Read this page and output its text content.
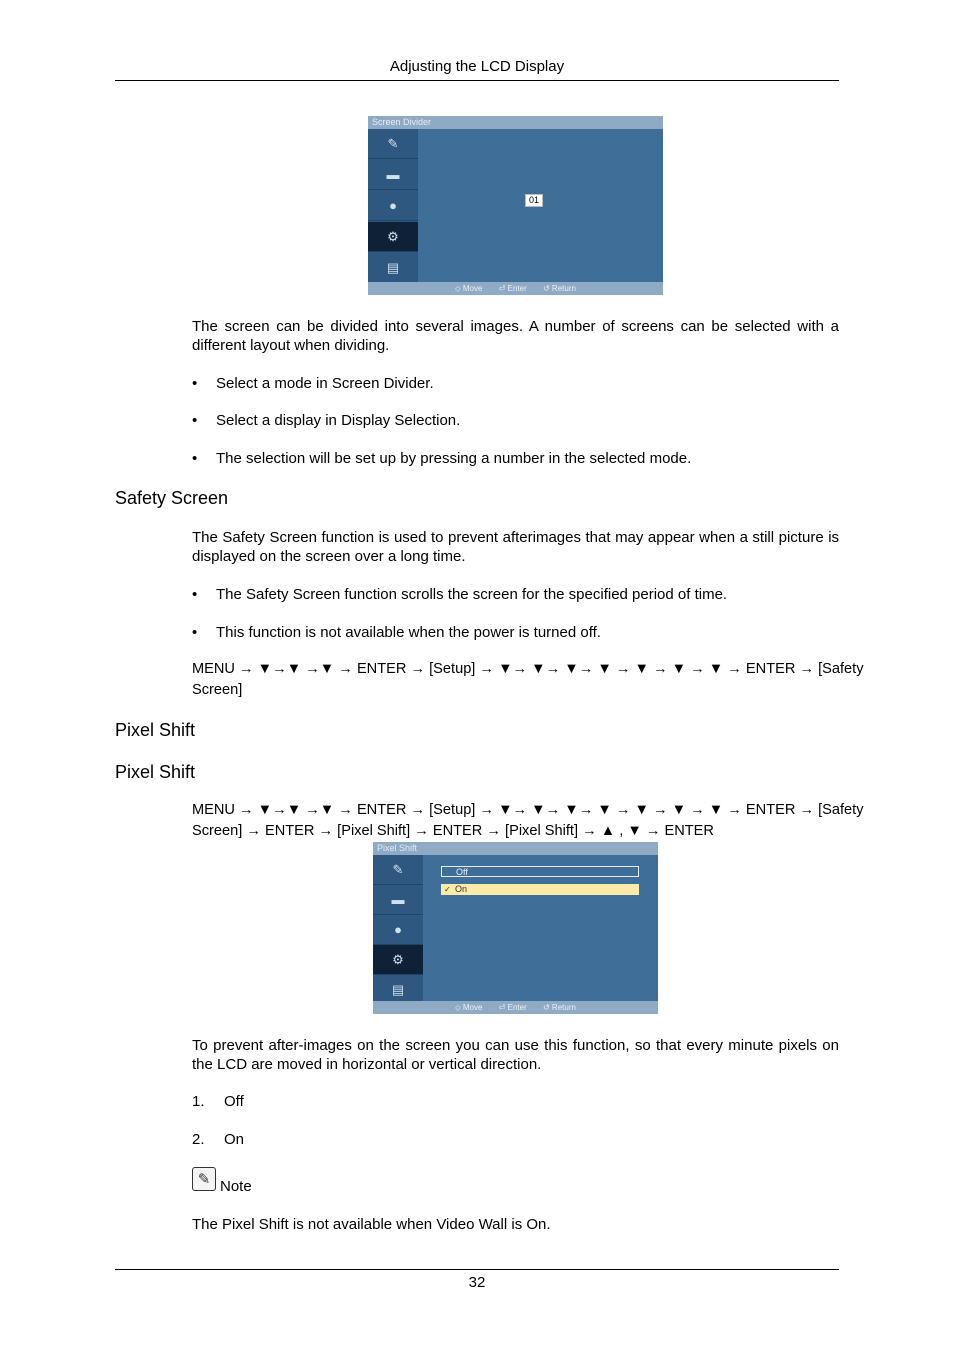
Adjusting the LCD Display
Screen Divider
✎
▬
●
⚙
▤
01
⬦ Move ⏎ Enter ↺ Return
The screen can be divided into several images. A number of screens can be selected with a different layout when dividing.
• Select a mode in Screen Divider.
• Select a display in Display Selection.
• The selection will be set up by pressing a number in the selected mode.
Safety Screen
The Safety Screen function is used to prevent afterimages that may appear when a still picture is displayed on the screen over a long time.
• The Safety Screen function scrolls the screen for the specified period of time.
• This function is not available when the power is turned off.
MENU → ▼→▼ →▼ → ENTER → [Setup] → ▼→ ▼→ ▼→ ▼ → ▼ → ▼ → ▼ → ENTER → [Safety
Screen]
Pixel Shift
Pixel Shift
MENU → ▼→▼ →▼ → ENTER → [Setup] → ▼→ ▼→ ▼→ ▼ → ▼ → ▼ → ▼ → ENTER → [Safety
Screen] → ENTER → [Pixel Shift] → ENTER → [Pixel Shift] → ▲ , ▼ → ENTER
Pixel Shift
✎
▬
●
⚙
▤
Off
✓ On
⬦ Move ⏎ Enter ↺ Return
To prevent after-images on the screen you can use this function, so that every minute pixels on the LCD are moved in horizontal or vertical direction.
1. Off
2. On
✎ Note
The Pixel Shift is not available when Video Wall is On.
32
